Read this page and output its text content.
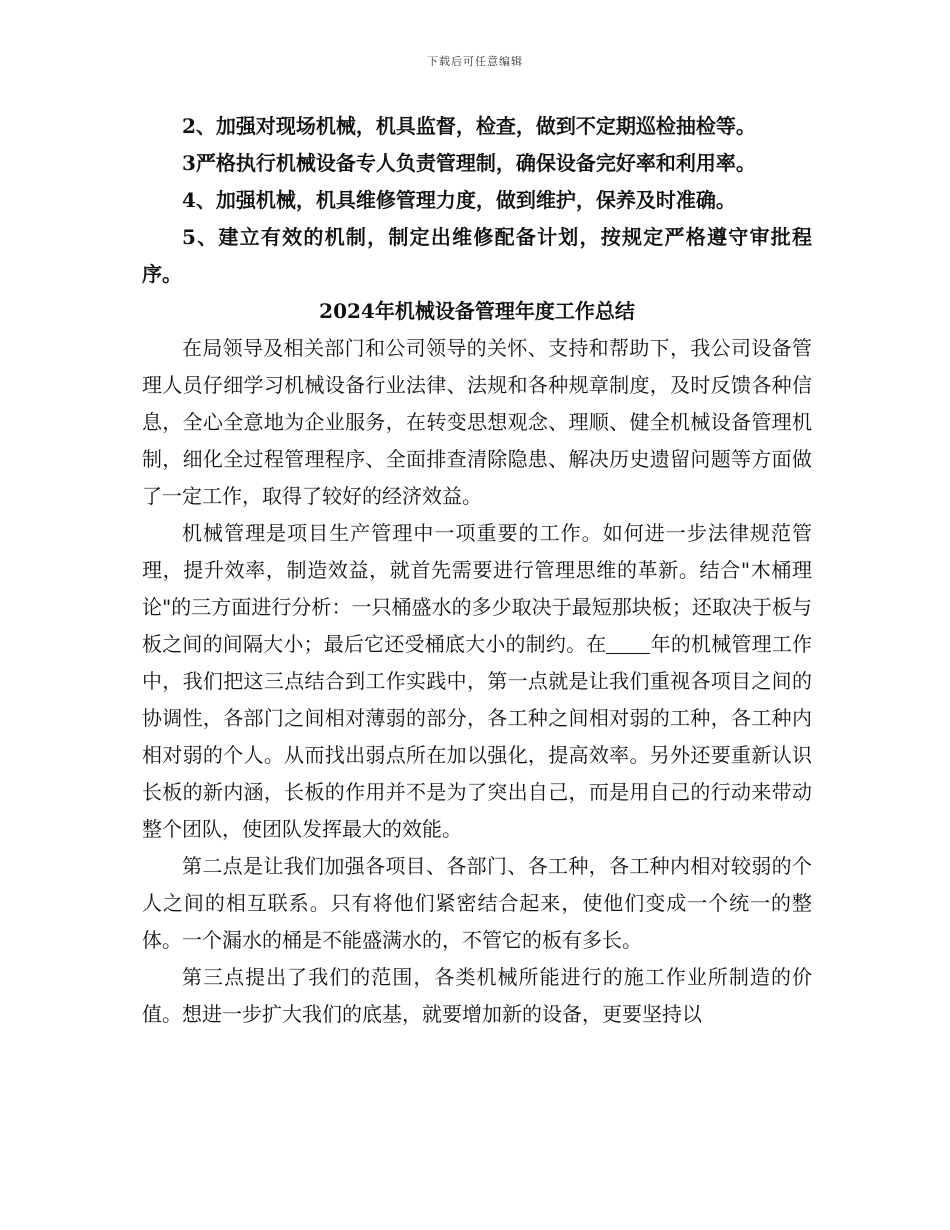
下载后可任意编辑

2、加强对现场机械，机具监督，检查，做到不定期巡检抽检等。

3严格执行机械设备专人负责管理制，确保设备完好率和利用率。

4、加强机械，机具维修管理力度，做到维护，保养及时准确。

5、建立有效的机制，制定出维修配备计划，按规定严格遵守审批程序。

2024年机械设备管理年度工作总结

在局领导及相关部门和公司领导的关怀、支持和帮助下，我公司设备管理人员仔细学习机械设备行业法律、法规和各种规章制度，及时反馈各种信息，全心全意地为企业服务，在转变思想观念、理顺、健全机械设备管理机制，细化全过程管理程序、全面排查清除隐患、解决历史遗留问题等方面做了一定工作，取得了较好的经济效益。

机械管理是项目生产管理中一项重要的工作。如何进一步法律规范管理，提升效率，制造效益，就首先需要进行管理思维的革新。结合"木桶理论"的三方面进行分析：一只桶盛水的多少取决于最短那块板；还取决于板与板之间的间隔大小；最后它还受桶底大小的制约。在 年的机械管理工作中，我们把这三点结合到工作实践中，第一点就是让我们重视各项目之间的协调性，各部门之间相对薄弱的部分，各工种之间相对弱的工种，各工种内相对弱的个人。从而找出弱点所在加以强化，提高效率。另外还要重新认识长板的新内涵，长板的作用并不是为了突出自己，而是用自己的行动来带动整个团队，使团队发挥最大的效能。

第二点是让我们加强各项目、各部门、各工种，各工种内相对较弱的个人之间的相互联系。只有将他们紧密结合起来，使他们变成一个统一的整体。一个漏水的桶是不能盛满水的，不管它的板有多长。

第三点提出了我们的范围，各类机械所能进行的施工作业所制造的价值。想进一步扩大我们的底基，就要增加新的设备，更要坚持以
